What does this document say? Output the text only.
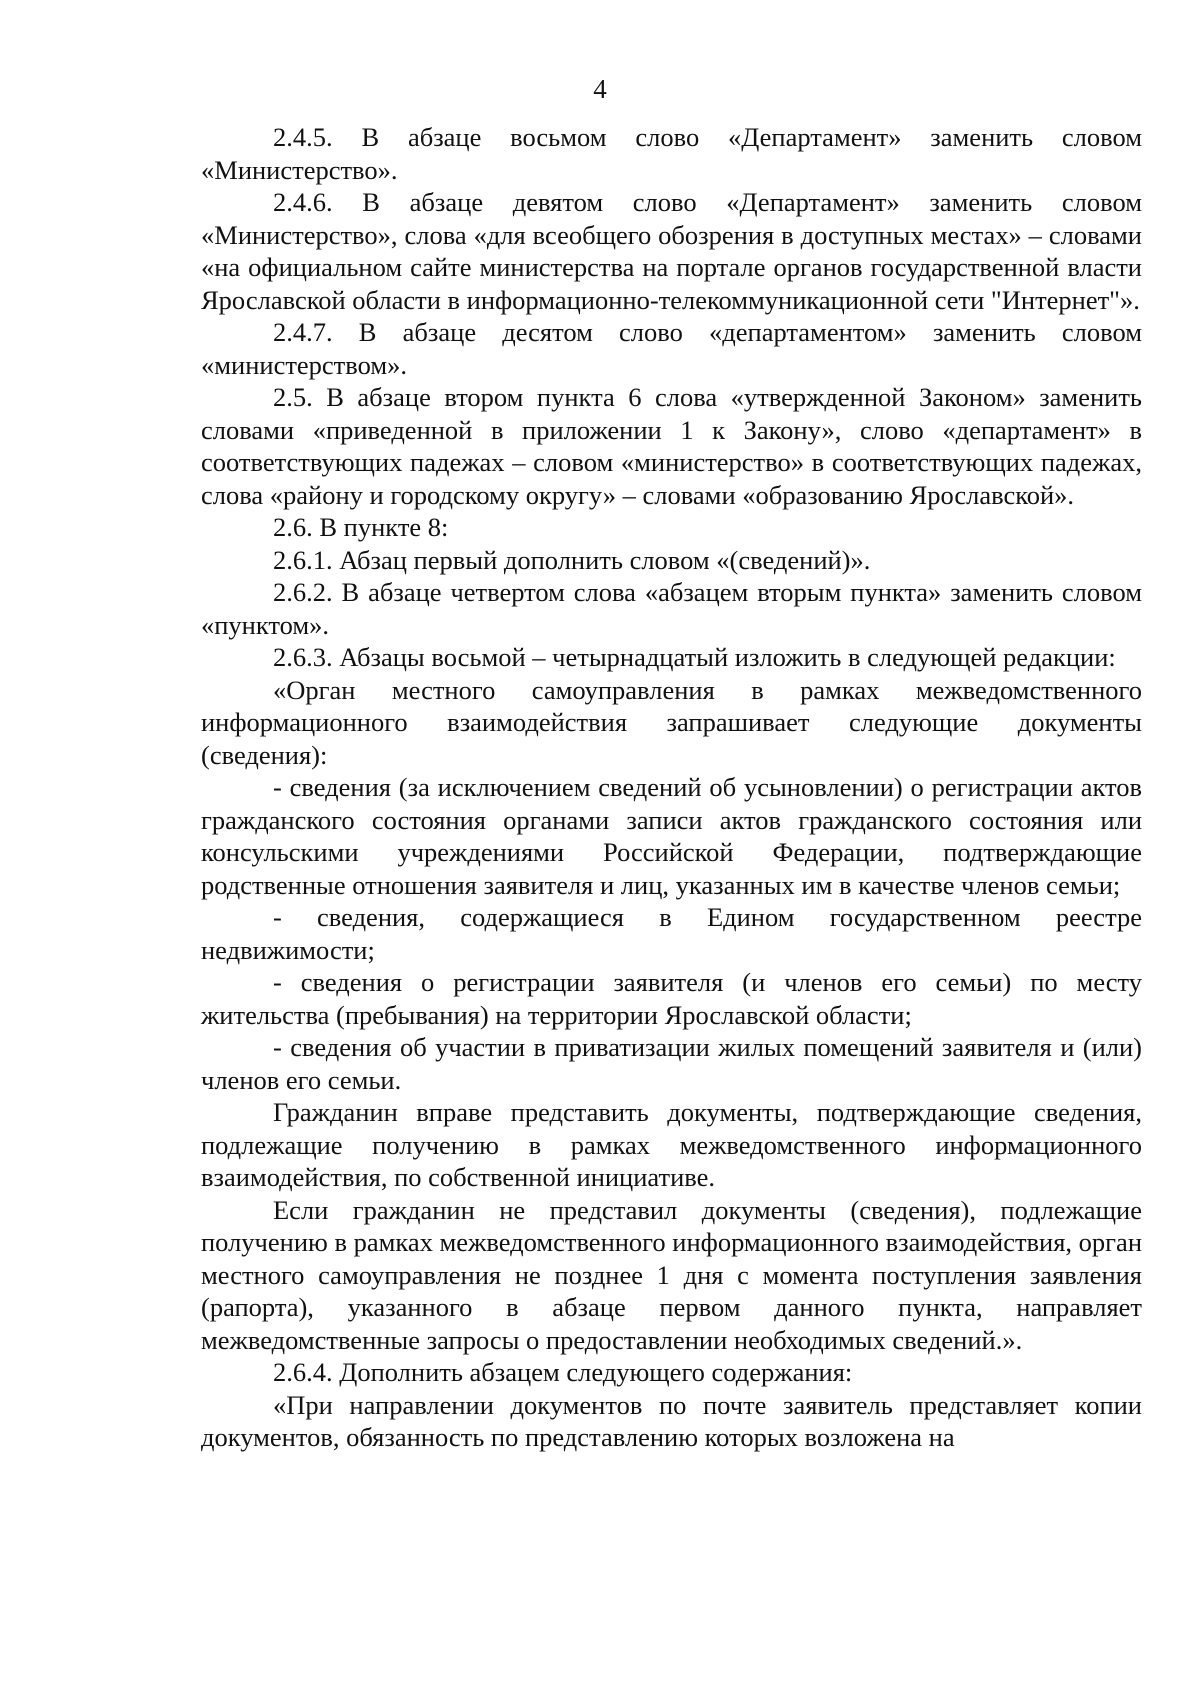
4

2.4.5. В абзаце восьмом слово «Департамент» заменить словом «Министерство».

2.4.6. В абзаце девятом слово «Департамент» заменить словом «Министерство», слова «для всеобщего обозрения в доступных местах» – словами «на официальном сайте министерства на портале органов государственной власти Ярославской области в информационно-телекоммуникационной сети "Интернет"».

2.4.7. В абзаце десятом слово «департаментом» заменить словом «министерством».

2.5. В абзаце втором пункта 6 слова «утвержденной Законом» заменить словами «приведенной в приложении 1 к Закону», слово «департамент» в соответствующих падежах – словом «министерство» в соответствующих падежах, слова «району и городскому округу» – словами «образованию Ярославской».

2.6. В пункте 8:

2.6.1. Абзац первый дополнить словом «(сведений)».

2.6.2. В абзаце четвертом слова «абзацем вторым пункта» заменить словом «пунктом».

2.6.3. Абзацы восьмой – четырнадцатый изложить в следующей редакции:

«Орган местного самоуправления в рамках межведомственного информационного взаимодействия запрашивает следующие документы (сведения):

- сведения (за исключением сведений об усыновлении) о регистрации актов гражданского состояния органами записи актов гражданского состояния или консульскими учреждениями Российской Федерации, подтверждающие родственные отношения заявителя и лиц, указанных им в качестве членов семьи;

- сведения, содержащиеся в Едином государственном реестре недвижимости;

- сведения о регистрации заявителя (и членов его семьи) по месту жительства (пребывания) на территории Ярославской области;

- сведения об участии в приватизации жилых помещений заявителя и (или) членов его семьи.

Гражданин вправе представить документы, подтверждающие сведения, подлежащие получению в рамках межведомственного информационного взаимодействия, по собственной инициативе.

Если гражданин не представил документы (сведения), подлежащие получению в рамках межведомственного информационного взаимодействия, орган местного самоуправления не позднее 1 дня с момента поступления заявления (рапорта), указанного в абзаце первом данного пункта, направляет межведомственные запросы о предоставлении необходимых сведений.».

2.6.4. Дополнить абзацем следующего содержания:

«При направлении документов по почте заявитель представляет копии документов, обязанность по представлению которых возложена на
